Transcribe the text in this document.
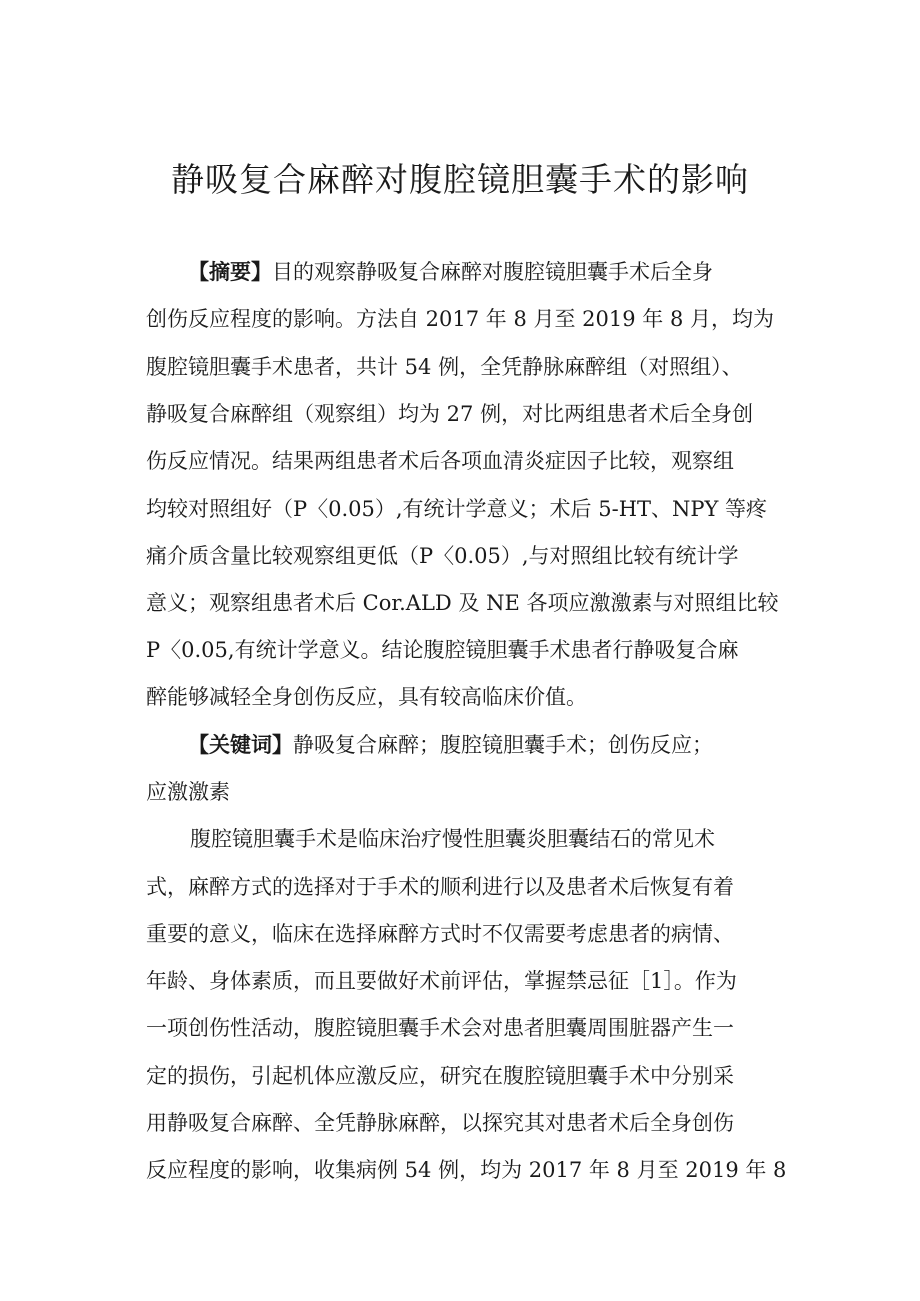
静吸复合麻醉对腹腔镜胆囊手术的影响
【摘要】目的观察静吸复合麻醉对腹腔镜胆囊手术后全身
创伤反应程度的影响。方法自 2017 年 8 月至 2019 年 8 月，均为
腹腔镜胆囊手术患者，共计 54 例，全凭静脉麻醉组（对照组）、
静吸复合麻醉组（观察组）均为 27 例，对比两组患者术后全身创
伤反应情况。结果两组患者术后各项血清炎症因子比较，观察组
均较对照组好（P〈0.05）,有统计学意义；术后 5-HT、NPY 等疼
痛介质含量比较观察组更低（P〈0.05）,与对照组比较有统计学
意义；观察组患者术后 Cor.ALD 及 NE 各项应激激素与对照组比较
P〈0.05,有统计学意义。结论腹腔镜胆囊手术患者行静吸复合麻
醉能够减轻全身创伤反应，具有较高临床价值。
【关键词】静吸复合麻醉；腹腔镜胆囊手术；创伤反应；
应激激素
腹腔镜胆囊手术是临床治疗慢性胆囊炎胆囊结石的常见术
式，麻醉方式的选择对于手术的顺利进行以及患者术后恢复有着
重要的意义，临床在选择麻醉方式时不仅需要考虑患者的病情、
年龄、身体素质，而且要做好术前评估，掌握禁忌征［1］。作为
一项创伤性活动，腹腔镜胆囊手术会对患者胆囊周围脏器产生一
定的损伤，引起机体应激反应，研究在腹腔镜胆囊手术中分别采
用静吸复合麻醉、全凭静脉麻醉，以探究其对患者术后全身创伤
反应程度的影响，收集病例 54 例，均为 2017 年 8 月至 2019 年 8
